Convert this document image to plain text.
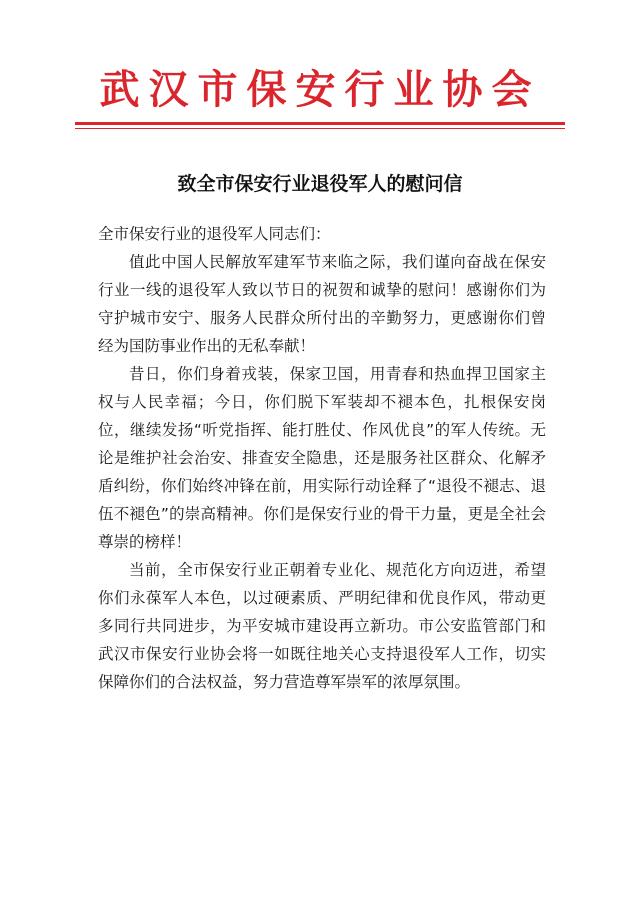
武汉市保安行业协会
致全市保安行业退役军人的慰问信

全市保安行业的退役军人同志们：

值此中国人民解放军建军节来临之际，我们谨向奋战在保安行业一线的退役军人致以节日的祝贺和诚挚的慰问！感谢你们为守护城市安宁、服务人民群众所付出的辛勤努力，更感谢你们曾经为国防事业作出的无私奉献！

昔日，你们身着戎装，保家卫国，用青春和热血捍卫国家主权与人民幸福；今日，你们脱下军装却不褪本色，扎根保安岗位，继续发扬“听党指挥、能打胜仗、作风优良”的军人传统。无论是维护社会治安、排查安全隐患，还是服务社区群众、化解矛盾纠纷，你们始终冲锋在前，用实际行动诠释了“退役不褪志、退伍不褪色”的崇高精神。你们是保安行业的骨干力量，更是全社会尊崇的榜样！

当前，全市保安行业正朝着专业化、规范化方向迈进，希望你们永葆军人本色，以过硬素质、严明纪律和优良作风，带动更多同行共同进步，为平安城市建设再立新功。市公安监管部门和武汉市保安行业协会将一如既往地关心支持退役军人工作，切实保障你们的合法权益，努力营造尊军崇军的浓厚氛围。
